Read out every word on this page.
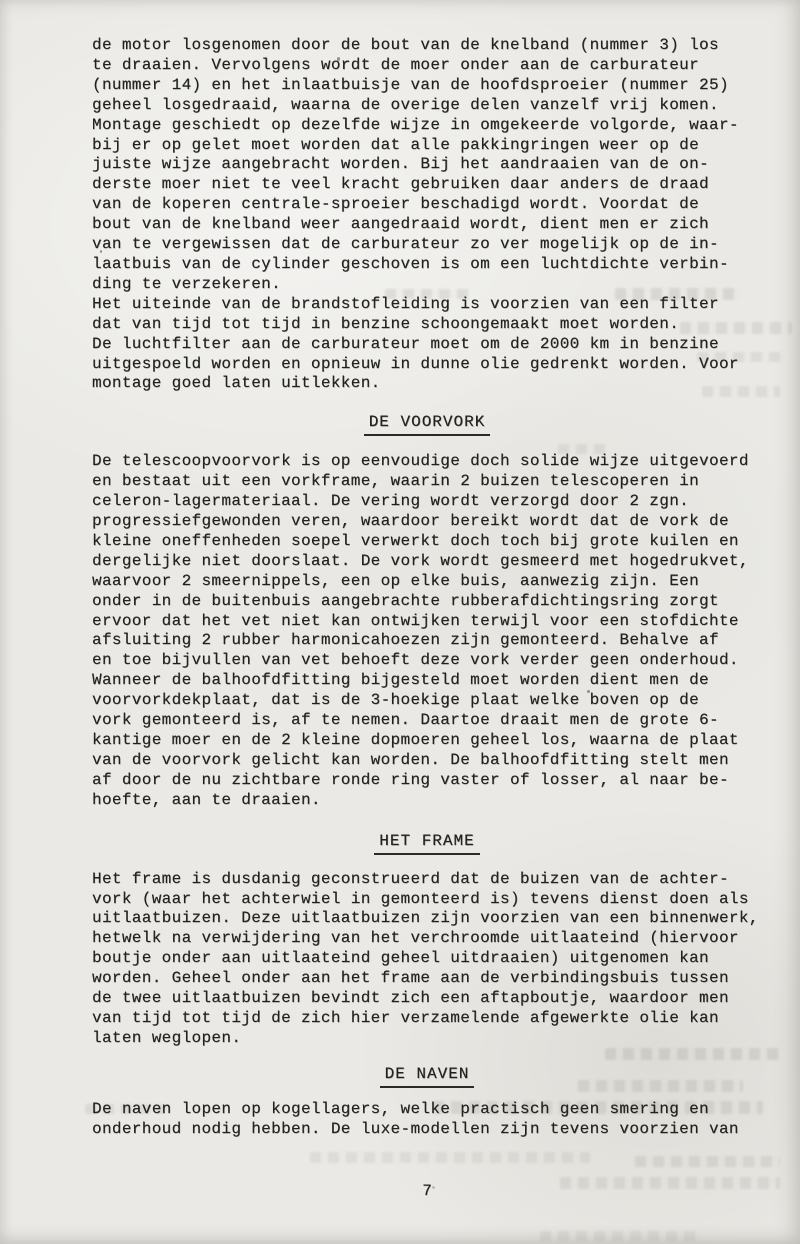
de motor losgenomen door de bout van de knelband (nummer 3) los
te draaien. Vervolgens wordt de moer onder aan de carburateur
(nummer 14) en het inlaatbuisje van de hoofdsproeier (nummer 25)
geheel losgedraaid, waarna de overige delen vanzelf vrij komen.
Montage geschiedt op dezelfde wijze in omgekeerde volgorde, waar-
bij er op gelet moet worden dat alle pakkingringen weer op de
juiste wijze aangebracht worden. Bij het aandraaien van de on-
derste moer niet te veel kracht gebruiken daar anders de draad
van de koperen centrale-sproeier beschadigd wordt. Voordat de
bout van de knelband weer aangedraaid wordt, dient men er zich
van te vergewissen dat de carburateur zo ver mogelijk op de in-
laatbuis van de cylinder geschoven is om een luchtdichte verbin-
ding te verzekeren.
Het uiteinde van de brandstofleiding is voorzien van een filter
dat van tijd tot tijd in benzine schoongemaakt moet worden.
De luchtfilter aan de carburateur moet om de 2000 km in benzine
uitgespoeld worden en opnieuw in dunne olie gedrenkt worden. Voor
montage goed laten uitlekken.
DE VOORVORK
De telescoopvoorvork is op eenvoudige doch solide wijze uitgevoerd
en bestaat uit een vorkframe, waarin 2 buizen telescoperen in
celeron-lagermateriaal. De vering wordt verzorgd door 2 zgn.
progressiefgewonden veren, waardoor bereikt wordt dat de vork de
kleine oneffenheden soepel verwerkt doch toch bij grote kuilen en
dergelijke niet doorslaat. De vork wordt gesmeerd met hogedrukvet,
waarvoor 2 smeernippels, een op elke buis, aanwezig zijn. Een
onder in de buitenbuis aangebrachte rubberafdichtingsring zorgt
ervoor dat het vet niet kan ontwijken terwijl voor een stofdichte
afsluiting 2 rubber harmonicahoezen zijn gemonteerd. Behalve af
en toe bijvullen van vet behoeft deze vork verder geen onderhoud.
Wanneer de balhoofdfitting bijgesteld moet worden dient men de
voorvorkdekplaat, dat is de 3-hoekige plaat welke boven op de
vork gemonteerd is, af te nemen. Daartoe draait men de grote 6-
kantige moer en de 2 kleine dopmoeren geheel los, waarna de plaat
van de voorvork gelicht kan worden. De balhoofdfitting stelt men
af door de nu zichtbare ronde ring vaster of losser, al naar be-
hoefte, aan te draaien.
HET FRAME
Het frame is dusdanig geconstrueerd dat de buizen van de achter-
vork (waar het achterwiel in gemonteerd is) tevens dienst doen als
uitlaatbuizen. Deze uitlaatbuizen zijn voorzien van een binnenwerk,
hetwelk na verwijdering van het verchroomde uitlaateind (hiervoor
boutje onder aan uitlaateind geheel uitdraaien) uitgenomen kan
worden. Geheel onder aan het frame aan de verbindingsbuis tussen
de twee uitlaatbuizen bevindt zich een aftapboutje, waardoor men
van tijd tot tijd de zich hier verzamelende afgewerkte olie kan
laten weglopen.
DE NAVEN
De naven lopen op kogellagers, welke practisch geen smering en
onderhoud nodig hebben. De luxe-modellen zijn tevens voorzien van
7
